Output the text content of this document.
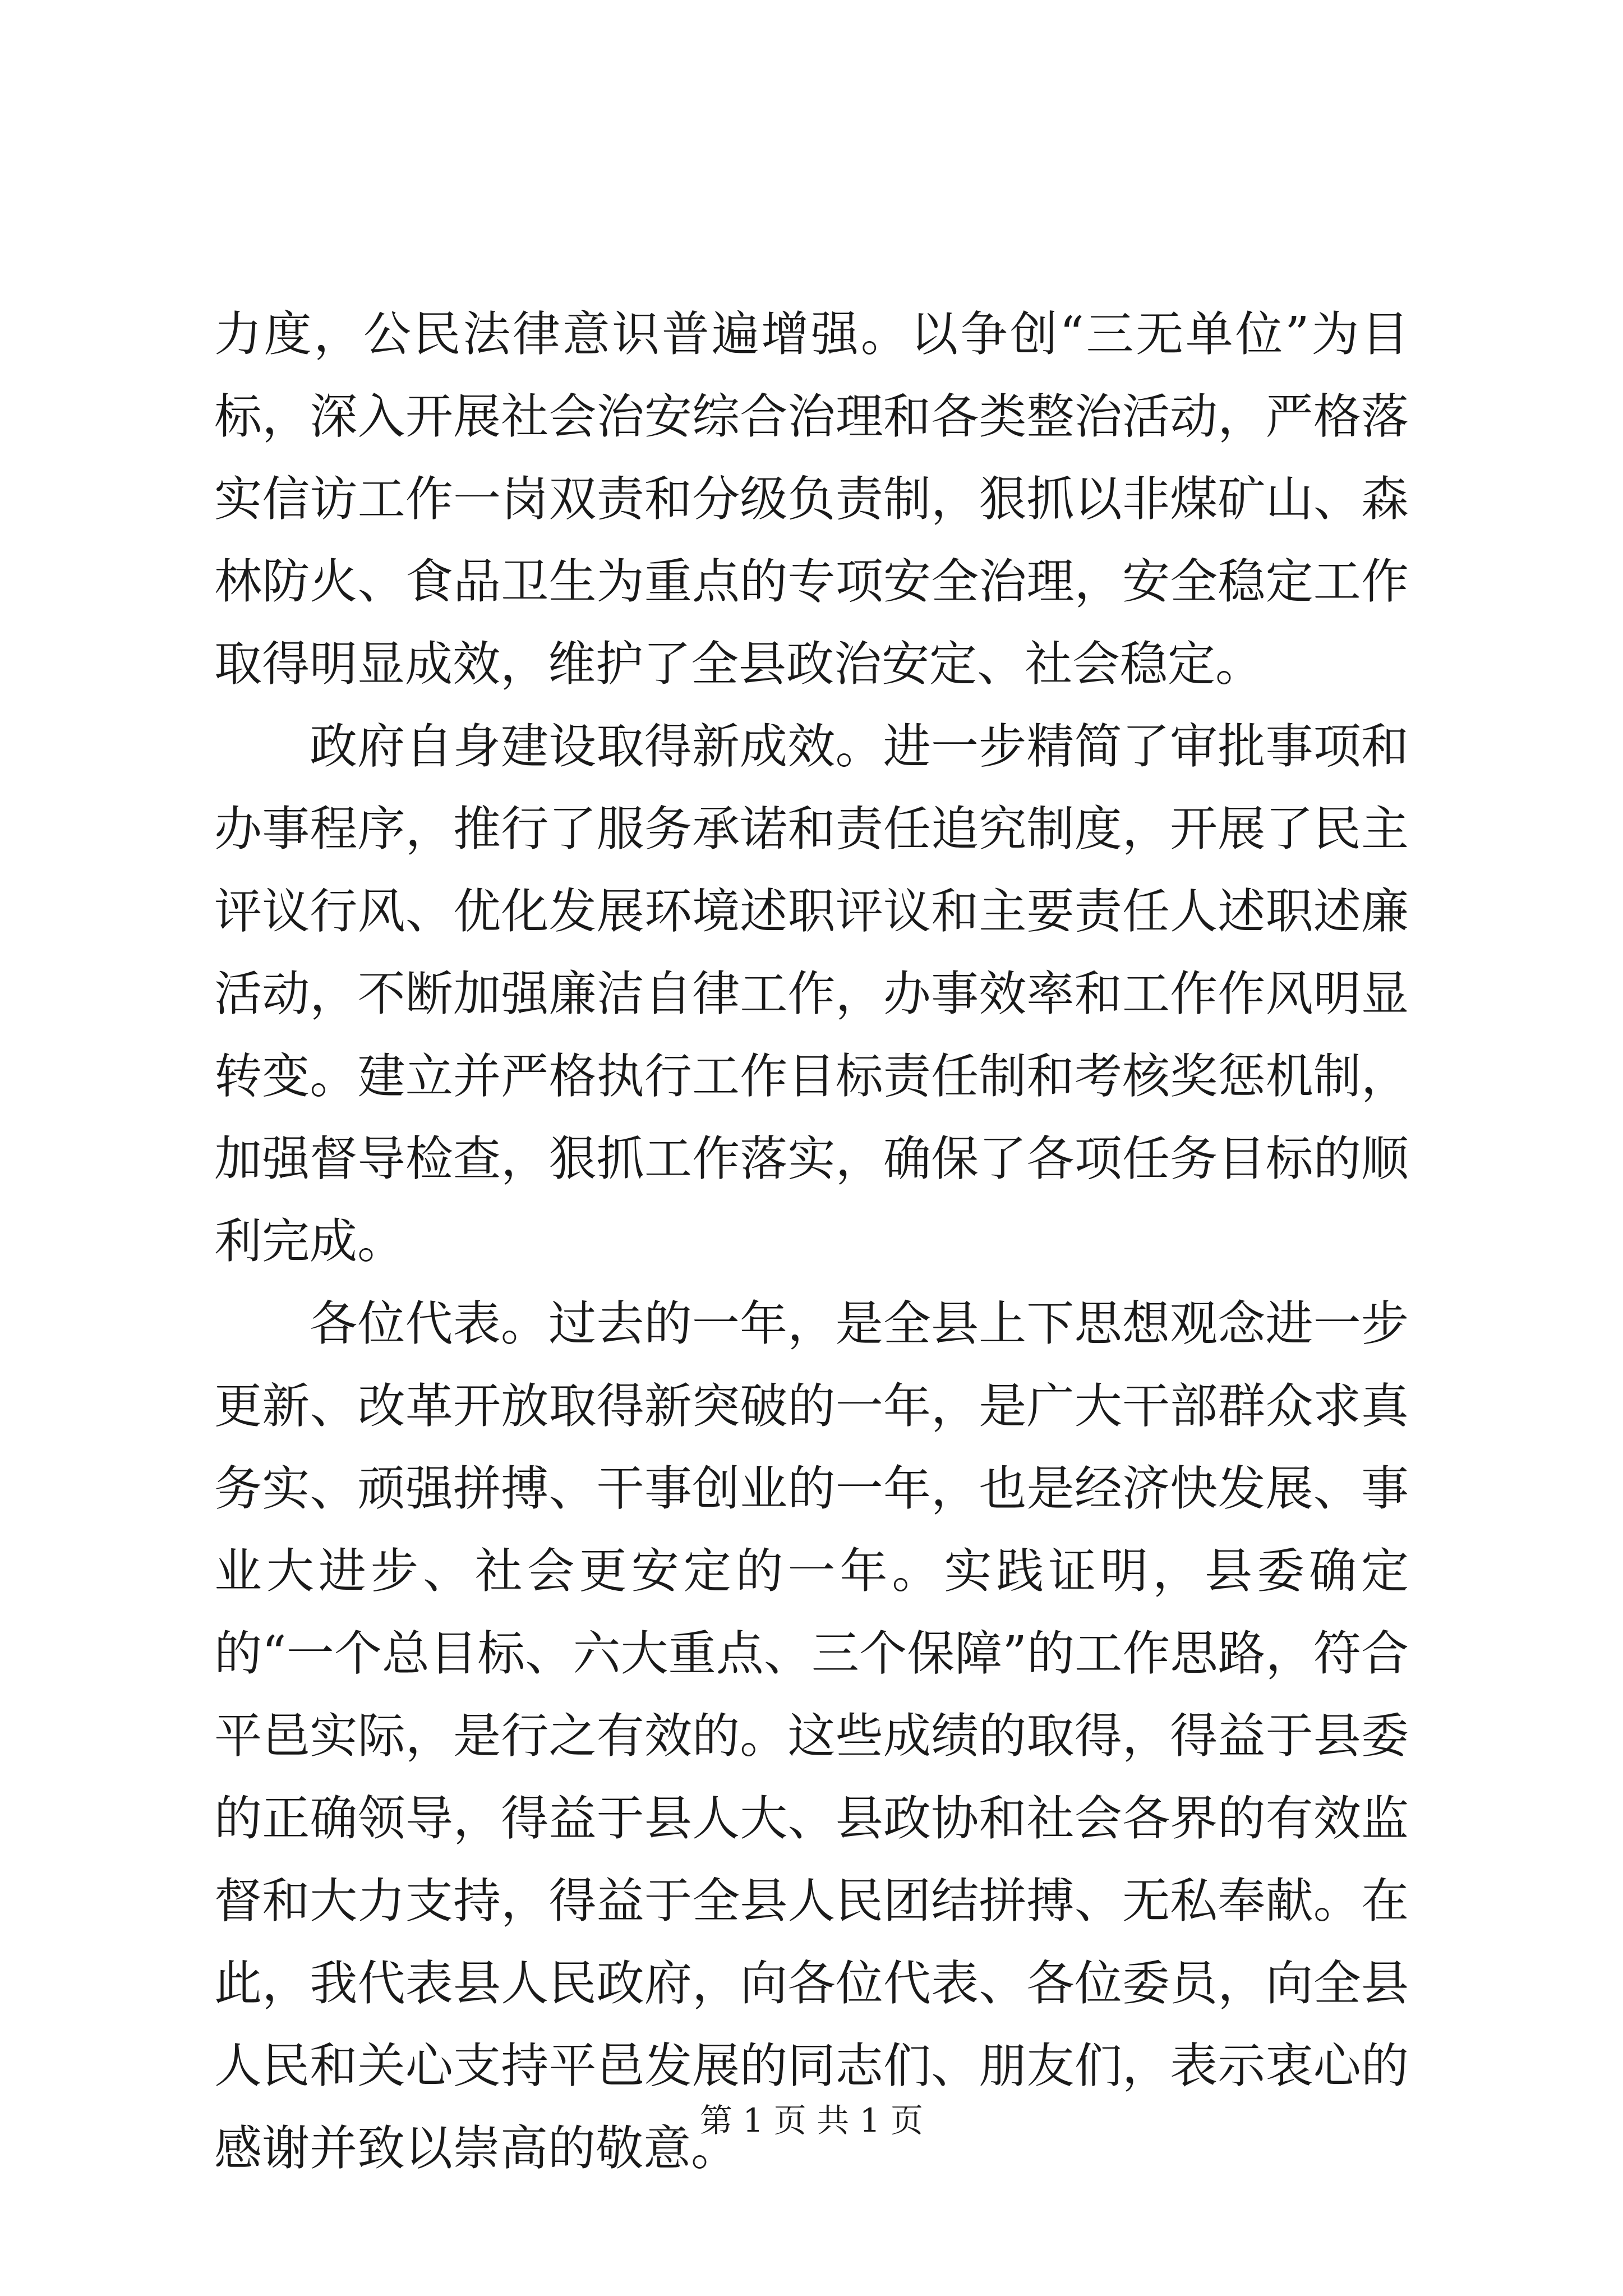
力度，公民法律意识普遍增强。以争创“三无单位”为目标，深入开展社会治安综合治理和各类整治活动，严格落实信访工作一岗双责和分级负责制，狠抓以非煤矿山、森林防火、食品卫生为重点的专项安全治理，安全稳定工作取得明显成效，维护了全县政治安定、社会稳定。

政府自身建设取得新成效。进一步精简了审批事项和办事程序，推行了服务承诺和责任追究制度，开展了民主评议行风、优化发展环境述职评议和主要责任人述职述廉活动，不断加强廉洁自律工作，办事效率和工作作风明显转变。建立并严格执行工作目标责任制和考核奖惩机制，加强督导检查，狠抓工作落实，确保了各项任务目标的顺利完成。

各位代表。过去的一年，是全县上下思想观念进一步更新、改革开放取得新突破的一年，是广大干部群众求真务实、顽强拼搏、干事创业的一年，也是经济快发展、事业大进步、社会更安定的一年。实践证明，县委确定的“一个总目标、六大重点、三个保障”的工作思路，符合平邑实际，是行之有效的。这些成绩的取得，得益于县委的正确领导，得益于县人大、县政协和社会各界的有效监督和大力支持，得益于全县人民团结拼搏、无私奉献。在此，我代表县人民政府，向各位代表、各位委员，向全县人民和关心支持平邑发展的同志们、朋友们，表示衷心的感谢并致以崇高的敬意。

第 1 页 共 1 页
